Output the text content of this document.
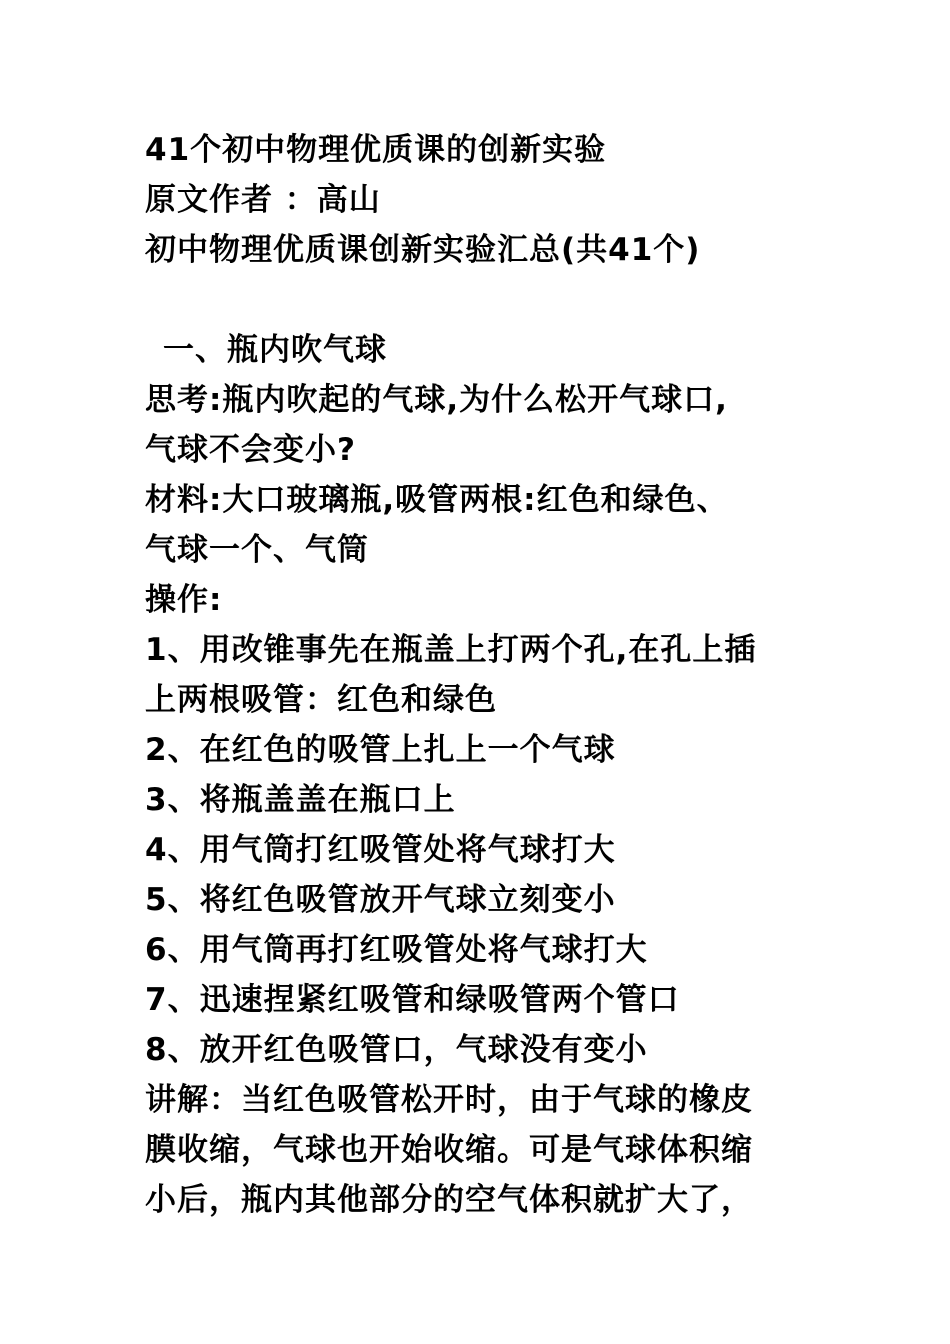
41个初中物理优质课的创新实验
原文作者 ：高山
初中物理优质课创新实验汇总(共41个)
一、瓶内吹气球
思考:瓶内吹起的气球,为什么松开气球口,
气球不会变小?
材料:大口玻璃瓶,吸管两根:红色和绿色、
气球一个、气筒
操作:
1、用改锥事先在瓶盖上打两个孔,在孔上插
上两根吸管：红色和绿色
2、在红色的吸管上扎上一个气球
3、将瓶盖盖在瓶口上
4、用气筒打红吸管处将气球打大
5、将红色吸管放开气球立刻变小
6、用气筒再打红吸管处将气球打大
7、迅速捏紧红吸管和绿吸管两个管口
8、放开红色吸管口，气球没有变小
讲解：当红色吸管松开时，由于气球的橡皮
膜收缩，气球也开始收缩。可是气球体积缩
小后，瓶内其他部分的空气体积就扩大了，
